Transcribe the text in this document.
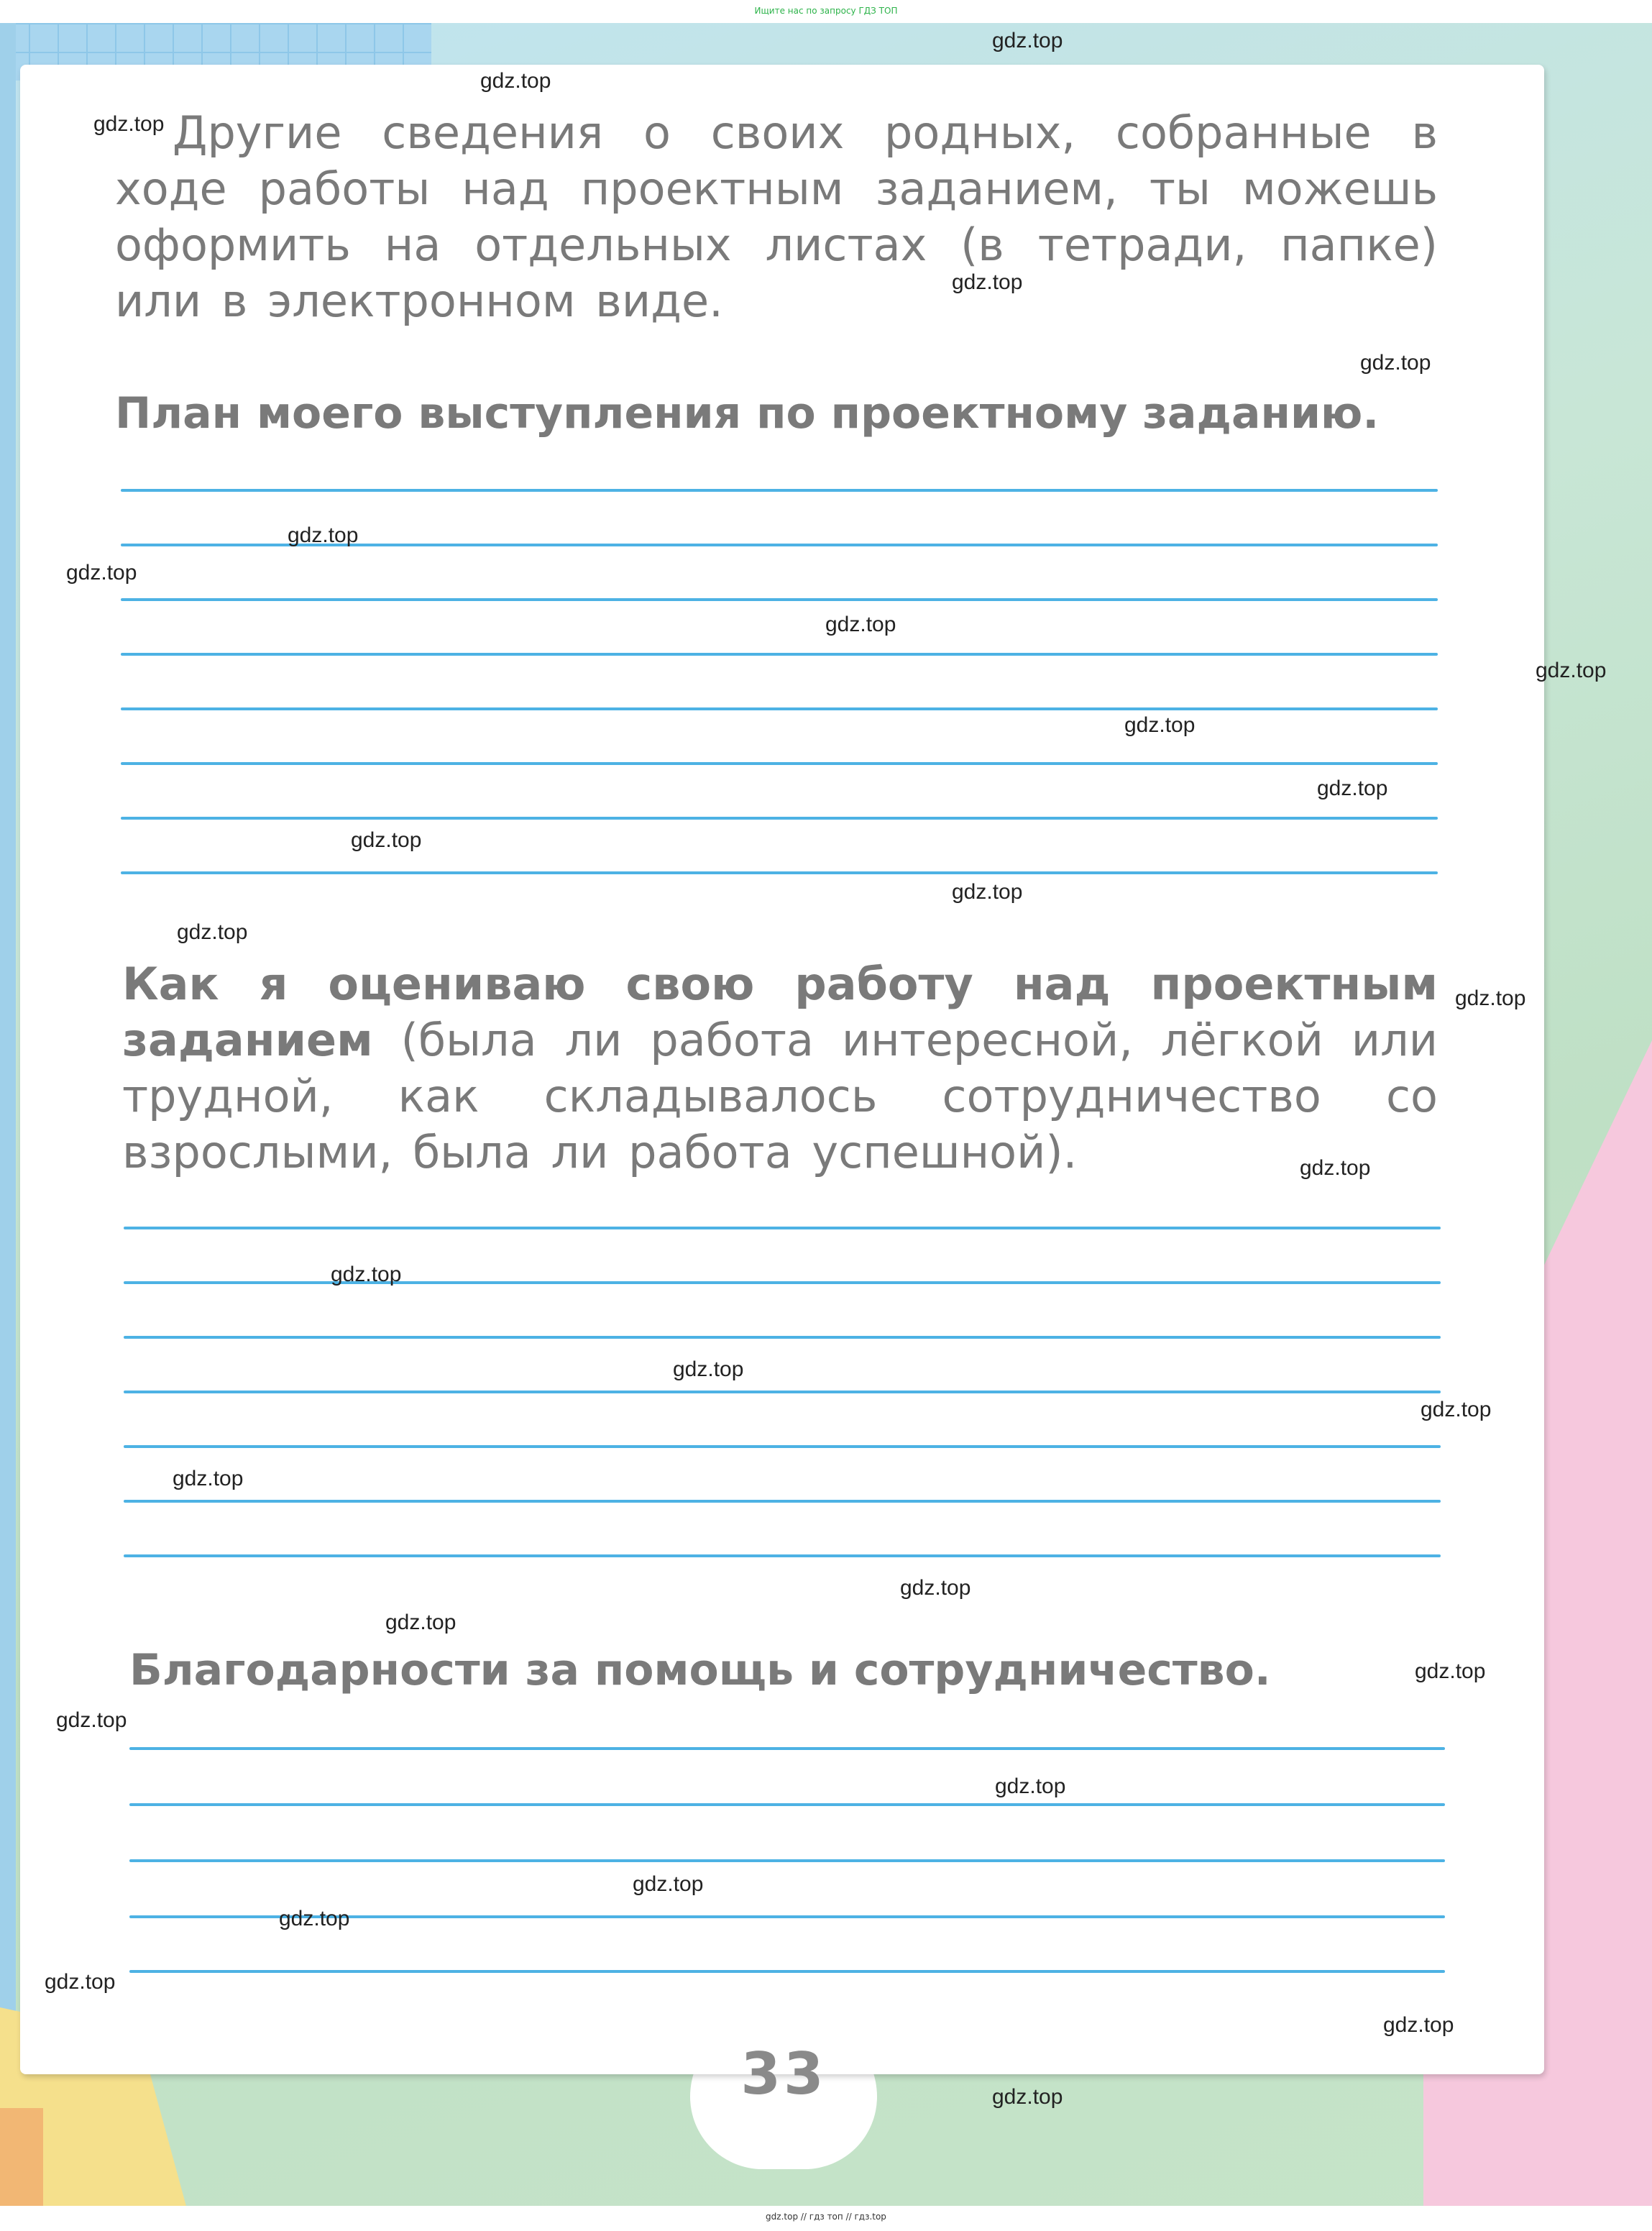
Ищите нас по запросу ГДЗ ТОП
33
Другие сведения о своих родных, собранные в ходе работы над проектным заданием, ты можешь оформить на отдельных листах (в тетради, папке) или в электронном виде.
План моего выступления по проектному заданию.
Как я оцениваю свою работу над проектным заданием (была ли работа интересной, лёгкой или трудной, как складывалось сотрудничество со взрослыми, была ли работа успешной).
Благодарности за помощь и сотрудничество.
gdz.top
gdz.top
gdz.top
gdz.top
gdz.top
gdz.top
gdz.top
gdz.top
gdz.top
gdz.top
gdz.top
gdz.top
gdz.top
gdz.top
gdz.top
gdz.top
gdz.top
gdz.top
gdz.top
gdz.top
gdz.top
gdz.top
gdz.top
gdz.top
gdz.top
gdz.top
gdz.top
gdz.top
gdz.top
gdz.top
gdz.top // гдз топ // гдз.top
